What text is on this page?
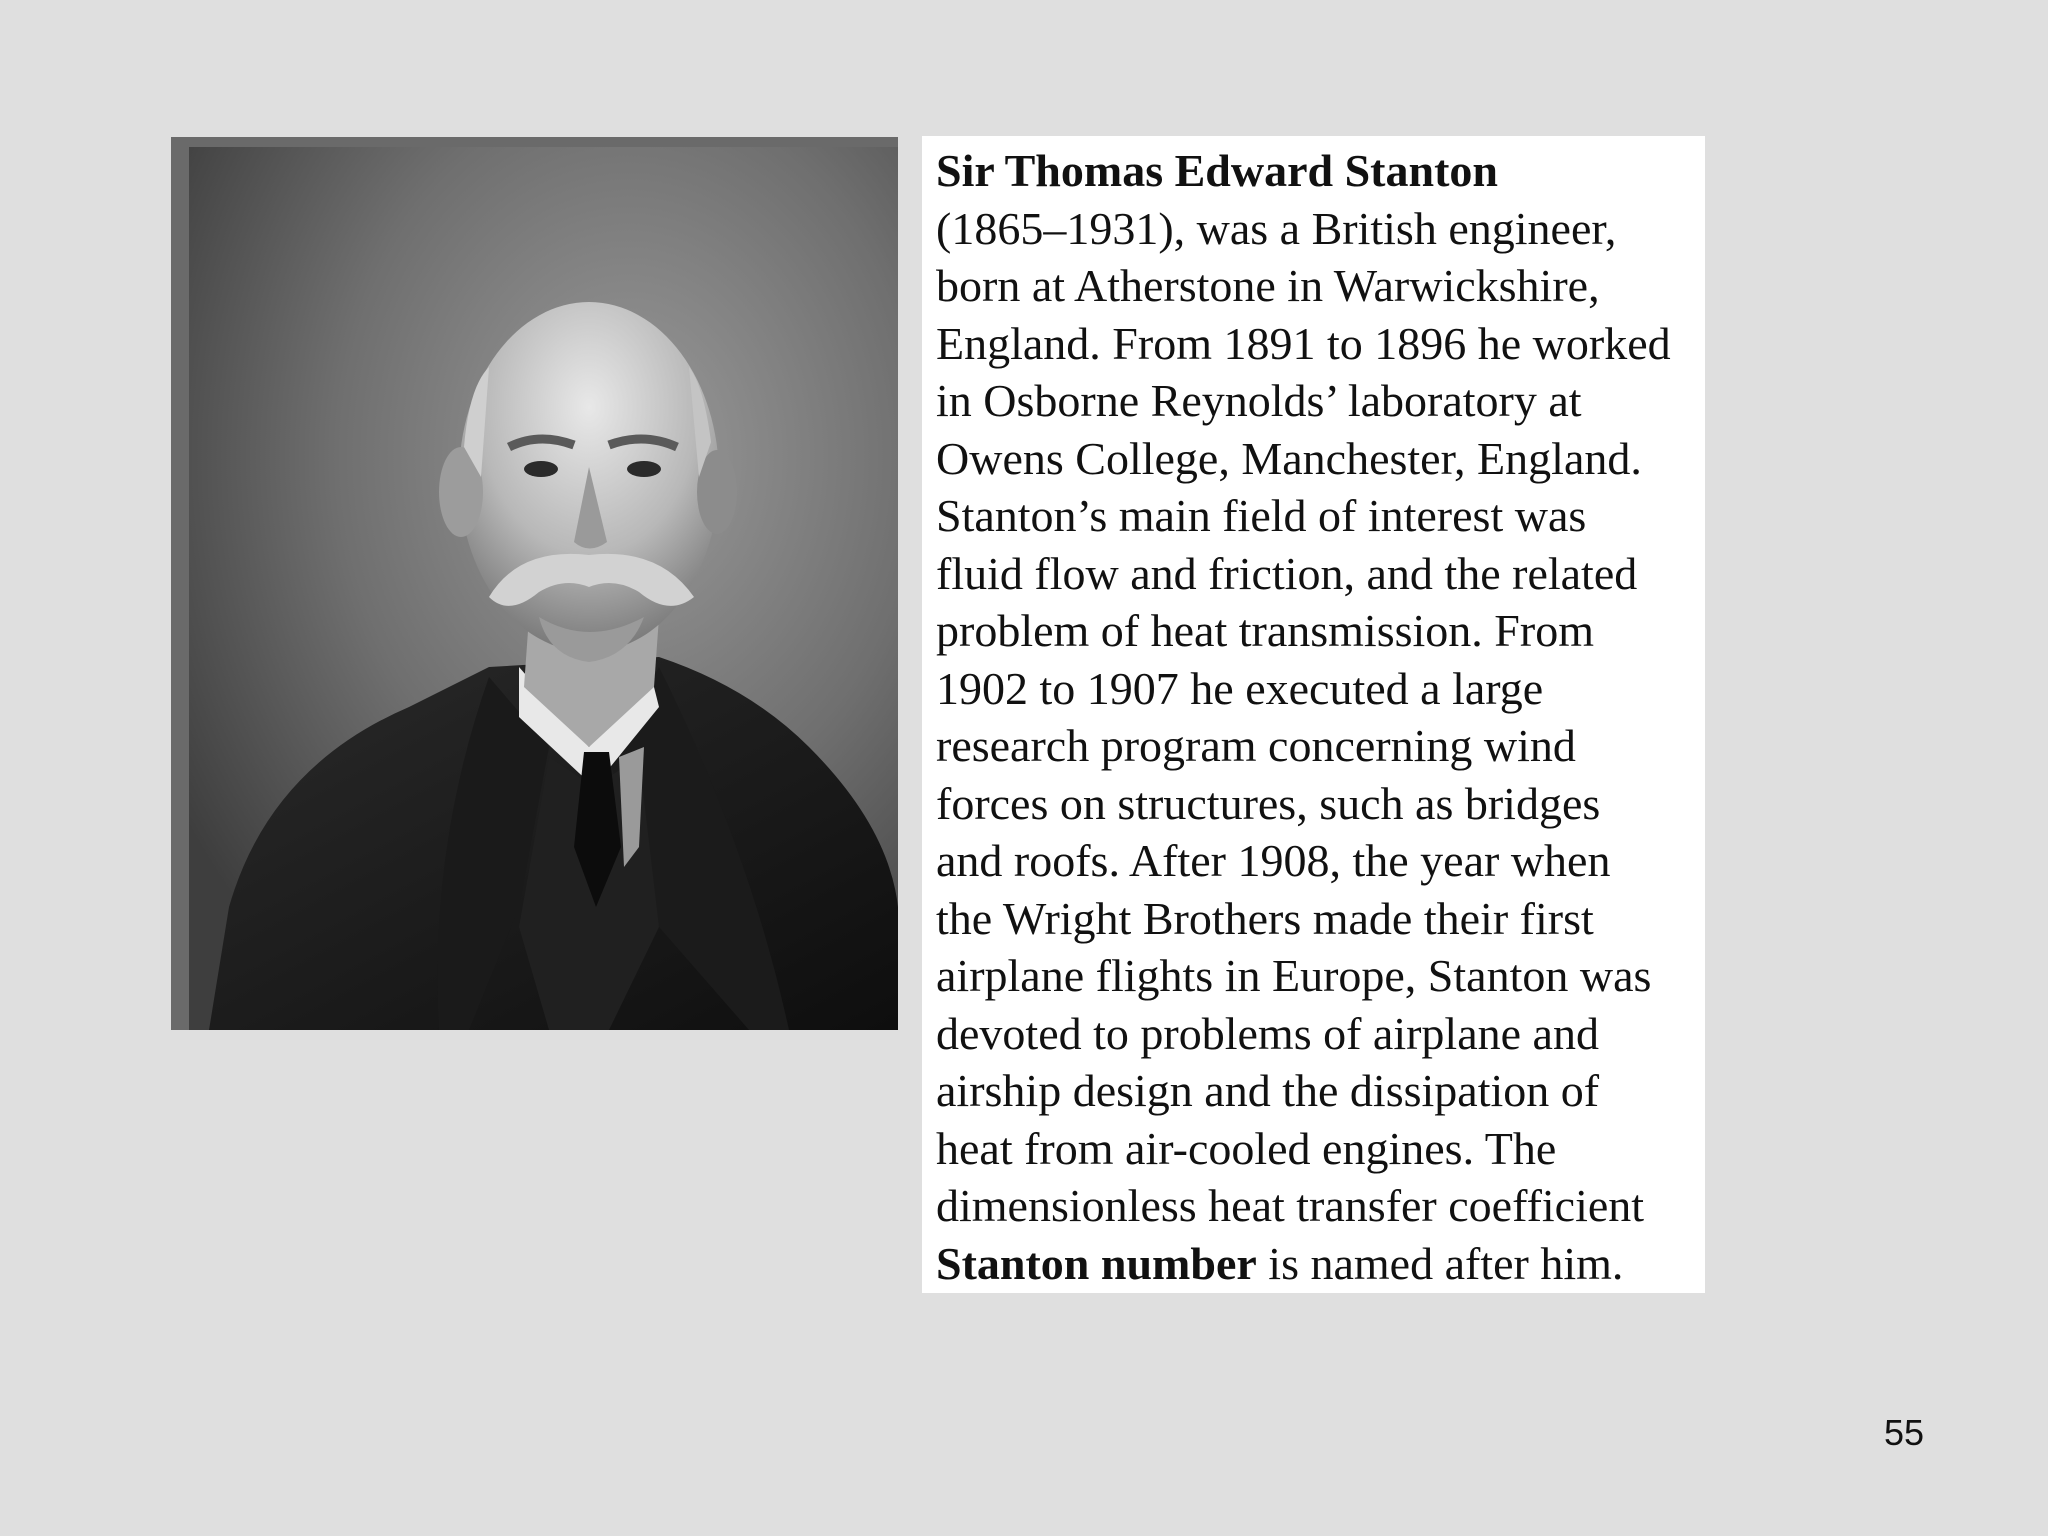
Sir Thomas Edward Stanton
(1865–1931), was a British engineer,
born at Atherstone in Warwickshire,
England. From 1891 to 1896 he worked
in Osborne Reynolds’ laboratory at
Owens College, Manchester, England.
Stanton’s main field of interest was
fluid flow and friction, and the related
problem of heat transmission. From
1902 to 1907 he executed a large
research program concerning wind
forces on structures, such as bridges
and roofs. After 1908, the year when
the Wright Brothers made their first
airplane flights in Europe, Stanton was
devoted to problems of airplane and
airship design and the dissipation of
heat from air-cooled engines. The
dimensionless heat transfer coefficient
Stanton number is named after him.
55
